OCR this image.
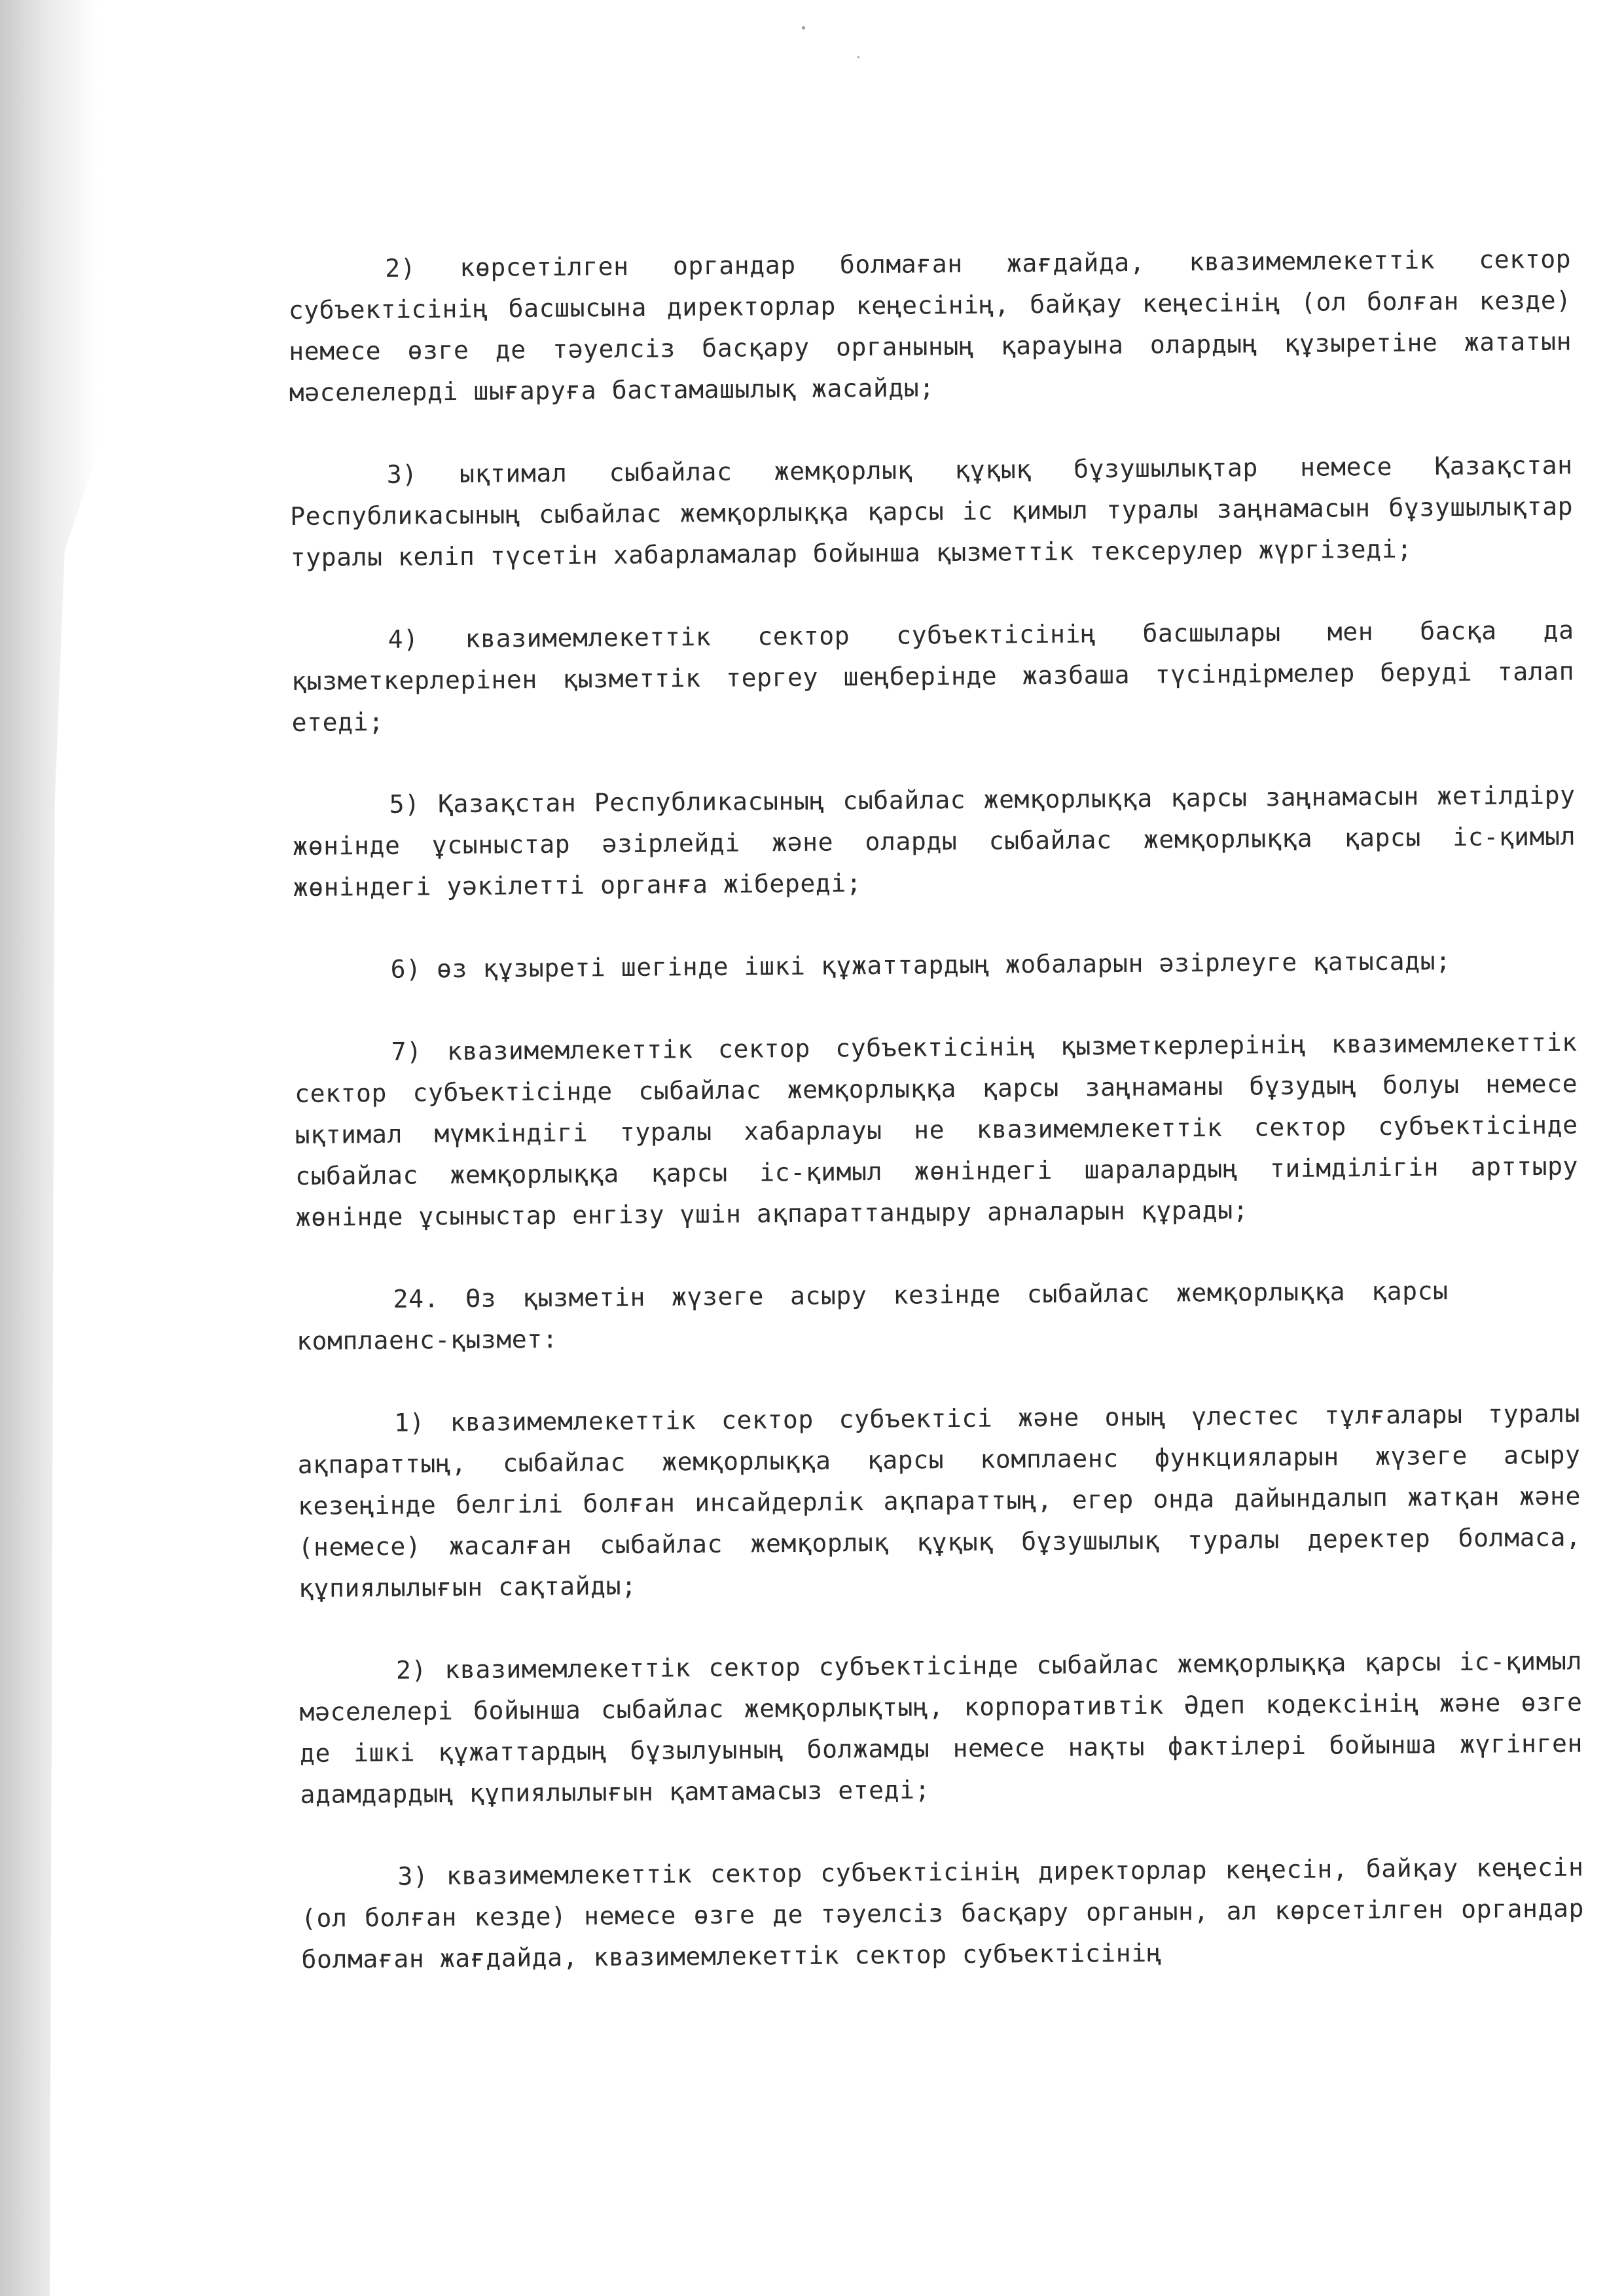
2) көрсетілген органдар болмаған жағдайда, квазимемлекеттік сектор субъектісінің басшысына директорлар кеңесінің, байқау кеңесінің (ол болған кезде) немесе өзге де тәуелсіз басқару органының қарауына олардың құзыретіне жататын мәселелерді шығаруға бастамашылық жасайды;

3) ықтимал сыбайлас жемқорлық құқық бұзушылықтар немесе Қазақстан Республикасының сыбайлас жемқорлыққа қарсы іс қимыл туралы заңнамасын бұзушылықтар туралы келіп түсетін хабарламалар бойынша қызметтік тексерулер жүргізеді;

4) квазимемлекеттік сектор субъектісінің басшылары мен басқа да қызметкерлерінен қызметтік тергеу шеңберінде жазбаша түсіндірмелер беруді талап етеді;

5) Қазақстан Республикасының сыбайлас жемқорлыққа қарсы заңнамасын жетілдіру жөнінде ұсыныстар әзірлейді және оларды сыбайлас жемқорлыққа қарсы іс-қимыл жөніндегі уәкілетті органға жібереді;

6) өз құзыреті шегінде ішкі құжаттардың жобаларын әзірлеуге қатысады;

7) квазимемлекеттік сектор субъектісінің қызметкерлерінің квазимемлекеттік сектор субъектісінде сыбайлас жемқорлыққа қарсы заңнаманы бұзудың болуы немесе ықтимал мүмкіндігі туралы хабарлауы не квазимемлекеттік сектор субъектісінде сыбайлас жемқорлыққа қарсы іс-қимыл жөніндегі шаралардың тиімділігін арттыру жөнінде ұсыныстар енгізу үшін ақпараттандыру арналарын құрады;

24. Өз қызметін жүзеге асыру кезінде сыбайлас жемқорлыққа қарсы комплаенс-қызмет:

1) квазимемлекеттік сектор субъектісі және оның үлестес тұлғалары туралы ақпараттың, сыбайлас жемқорлыққа қарсы комплаенс функцияларын жүзеге асыру кезеңінде белгілі болған инсайдерлік ақпараттың, егер онда дайындалып жатқан және (немесе) жасалған сыбайлас жемқорлық құқық бұзушылық туралы деректер болмаса, құпиялылығын сақтайды;

2) квазимемлекеттік сектор субъектісінде сыбайлас жемқорлыққа қарсы іс-қимыл мәселелері бойынша сыбайлас жемқорлықтың, корпоративтік Әдеп кодексінің және өзге де ішкі құжаттардың бұзылуының болжамды немесе нақты фактілері бойынша жүгінген адамдардың құпиялылығын қамтамасыз етеді;

3) квазимемлекеттік сектор субъектісінің директорлар кеңесін, байқау кеңесін (ол болған кезде) немесе өзге де тәуелсіз басқару органын, ал көрсетілген органдар болмаған жағдайда, квазимемлекеттік сектор субъектісінің
